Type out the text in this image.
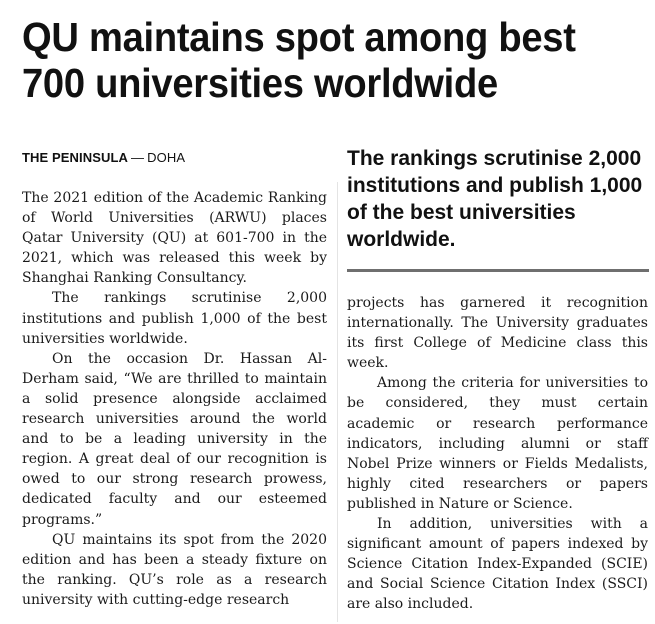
QU maintains spot among best 700 universities worldwide
THE PENINSULA — DOHA

The 2021 edition of the Academic Ranking of World Universities (ARWU) places Qatar University (QU) at 601-700 in the 2021, which was released this week by Shanghai Ranking Consultancy.

The rankings scrutinise 2,000 institutions and publish 1,000 of the best universities worldwide.

On the occasion Dr. Hassan Al-Derham said, “We are thrilled to maintain a solid presence alongside acclaimed research universities around the world and to be a leading university in the region. A great deal of our recognition is owed to our strong research prowess, dedicated faculty and our esteemed programs.”

QU maintains its spot from the 2020 edition and has been a steady fixture on the ranking. QU’s role as a research university with cutting-edge research

The rankings scrutinise 2,000 institutions and publish 1,000 of the best universities worldwide.

projects has garnered it recognition internationally. The University graduates its first College of Medicine class this week.

Among the criteria for universities to be considered, they must certain academic or research performance indicators, including alumni or staff Nobel Prize winners or Fields Medalists, highly cited researchers or papers published in Nature or Science.

In addition, universities with a significant amount of papers indexed by Science Citation Index-Expanded (SCIE) and Social Science Citation Index (SSCI) are also included.
